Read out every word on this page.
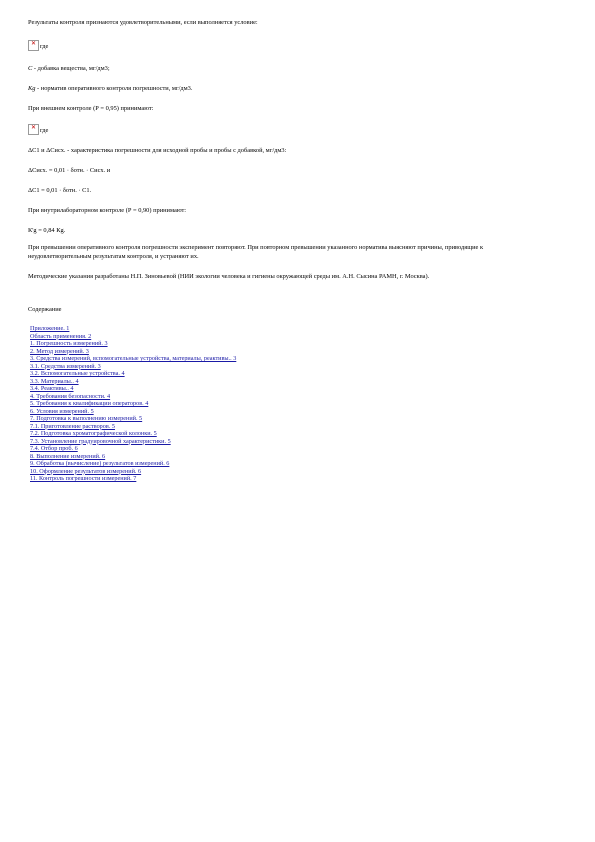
Результаты контроля признаются удовлетворительными, если выполняется условие:

✕
где

С - добавка вещества, мг/дм3;

Кg - норматив оперативного контроля погрешности, мг/дм3.

При внешнем контроле (Р = 0,95) принимают:

✕
где

ΔС1 и ΔСисх. - характеристика погрешности для исходной пробы и пробы с добавкой, мг/дм3:

ΔСисх. = 0,01 · δотн. · Сисх. и

ΔС1 = 0,01 · δотн. · С1.

При внутрилабораторном контроле (Р = 0,90) принимают:

К'g = 0,84 Кg.

При превышении оперативного контроля погрешности эксперимент повторяют. При повторном превышении указанного норматива выясняют причины, приводящие к неудовлетворительным результатам контроля, и устраняют их.

Методические указания разработаны Н.П. Зиновьевой (НИИ экологии человека и гигиены окружающей среды им. А.Н. Сысина РАМН, г. Москва).

Содержание

Приложение. 1
Область применения. 2
1. Погрешность измерений. 3
2. Метод измерений. 3
3. Средства измерений, вспомогательные устройства, материалы, реактивы.. 3
3.1. Средства измерений. 3
3.2. Вспомогательные устройства. 4
3.3. Материалы.. 4
3.4. Реактивы.. 4
4. Требования безопасности. 4
5. Требования к квалификации операторов. 4
6. Условия измерений. 5
7. Подготовка к выполнению измерений. 5
7.1. Приготовление растворов. 5
7.2. Подготовка хроматографической колонки. 5
7.3. Установление градуировочной характеристики. 5
7.4. Отбор проб. 6
8. Выполнение измерений. 6
9. Обработка (вычисление) результатов измерений. 6
10. Оформление результатов измерений. 6
11. Контроль погрешности измерений. 7
